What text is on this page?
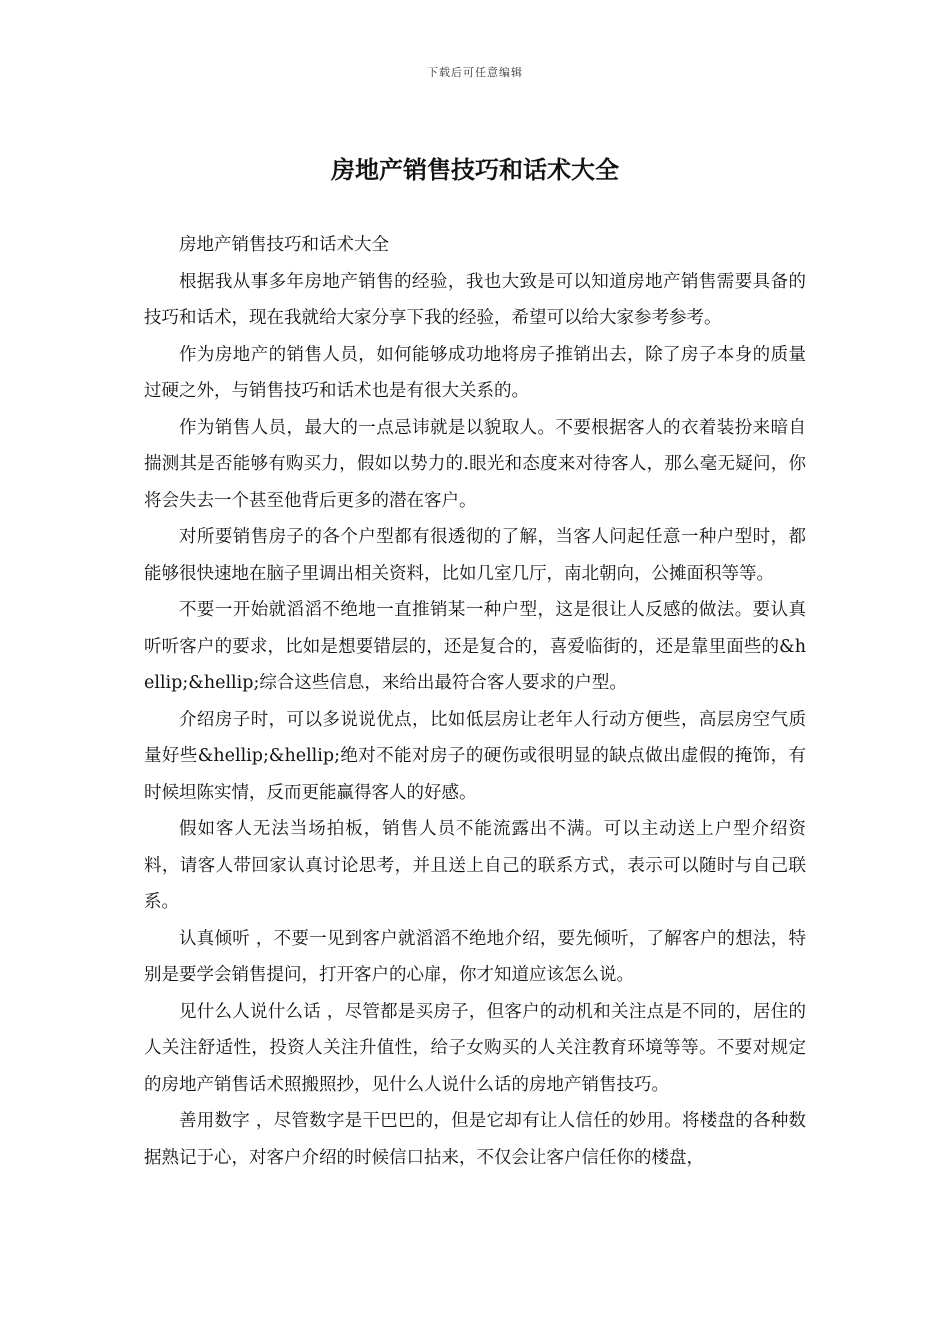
下载后可任意编辑
房地产销售技巧和话术大全

房地产销售技巧和话术大全

根据我从事多年房地产销售的经验，我也大致是可以知道房地产销售需要具备的技巧和话术，现在我就给大家分享下我的经验，希望可以给大家参考参考。

作为房地产的销售人员，如何能够成功地将房子推销出去，除了房子本身的质量过硬之外，与销售技巧和话术也是有很大关系的。

作为销售人员，最大的一点忌讳就是以貌取人。不要根据客人的衣着装扮来暗自揣测其是否能够有购买力，假如以势力的.眼光和态度来对待客人，那么毫无疑问，你将会失去一个甚至他背后更多的潜在客户。

对所要销售房子的各个户型都有很透彻的了解，当客人问起任意一种户型时，都能够很快速地在脑子里调出相关资料，比如几室几厅，南北朝向，公摊面积等等。

不要一开始就滔滔不绝地一直推销某一种户型，这是很让人反感的做法。要认真听听客户的要求，比如是想要错层的，还是复合的，喜爱临街的，还是靠里面些的&hellip;&hellip;综合这些信息，来给出最符合客人要求的户型。

介绍房子时，可以多说说优点，比如低层房让老年人行动方便些，高层房空气质量好些&hellip;&hellip;绝对不能对房子的硬伤或很明显的缺点做出虚假的掩饰，有时候坦陈实情，反而更能赢得客人的好感。

假如客人无法当场拍板，销售人员不能流露出不满。可以主动送上户型介绍资料，请客人带回家认真讨论思考，并且送上自己的联系方式，表示可以随时与自己联系。

认真倾听 ，不要一见到客户就滔滔不绝地介绍，要先倾听，了解客户的想法，特别是要学会销售提问，打开客户的心扉，你才知道应该怎么说。

见什么人说什么话 ，尽管都是买房子，但客户的动机和关注点是不同的，居住的人关注舒适性，投资人关注升值性，给子女购买的人关注教育环境等等。不要对规定的房地产销售话术照搬照抄，见什么人说什么话的房地产销售技巧。

善用数字 ，尽管数字是干巴巴的，但是它却有让人信任的妙用。将楼盘的各种数据熟记于心，对客户介绍的时候信口拈来，不仅会让客户信任你的楼盘，
